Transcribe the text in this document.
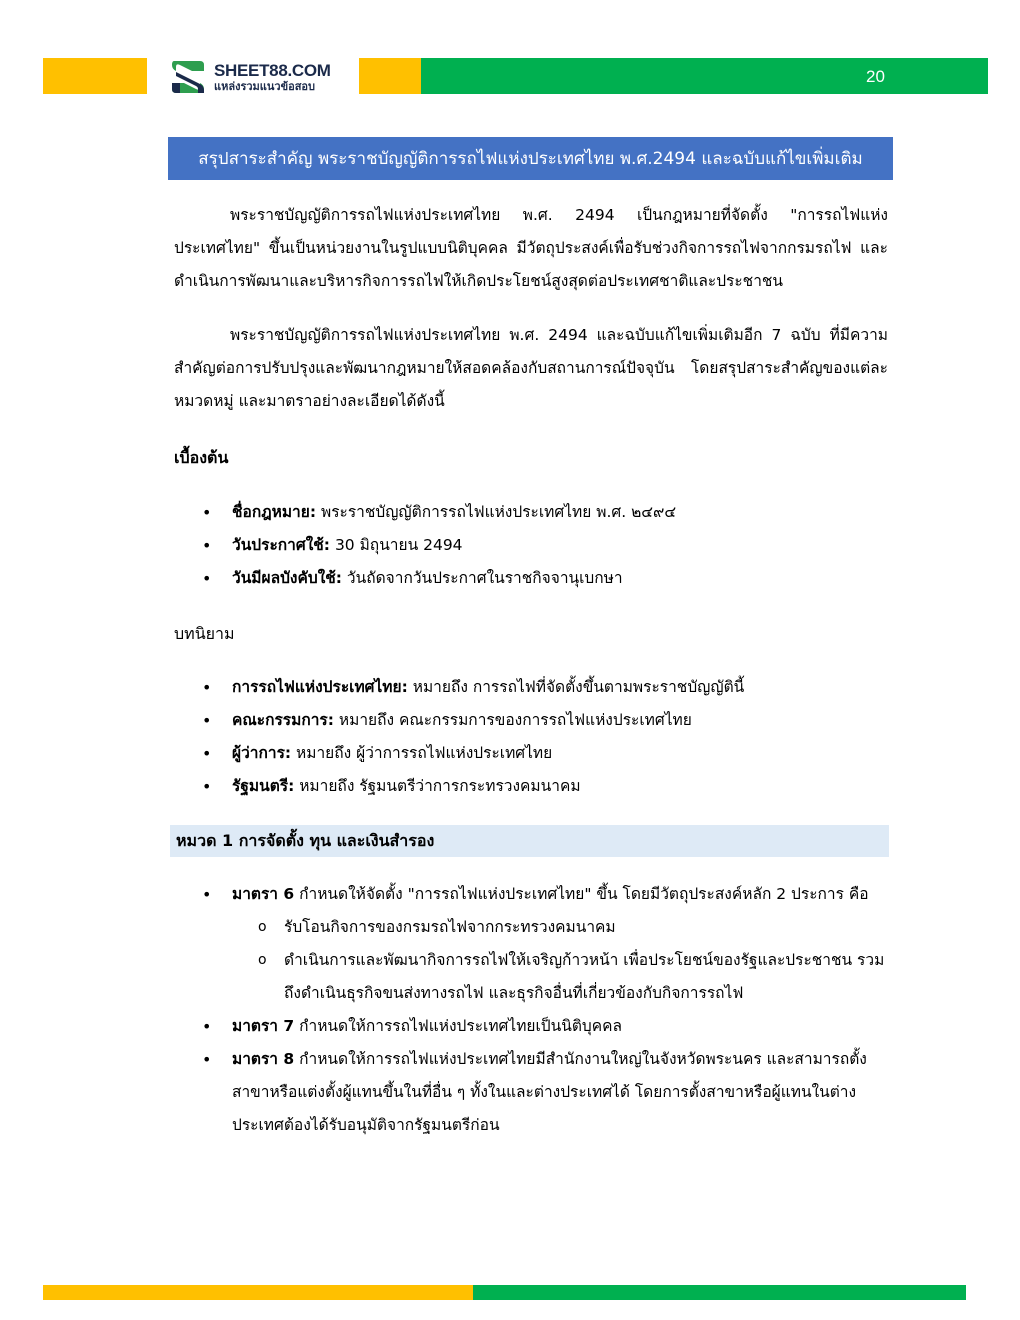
20
SHEET88.COM
แหล่งรวมแนวข้อสอบ
สรุปสาระสำคัญ พระราชบัญญัติการรถไฟแห่งประเทศไทย พ.ศ.2494 และฉบับแก้ไขเพิ่มเติม
พระราชบัญญัติการรถไฟแห่งประเทศไทย พ.ศ. 2494 เป็นกฎหมายที่จัดตั้ง "การรถไฟแห่งประเทศไทย" ขึ้นเป็นหน่วยงานในรูปแบบนิติบุคคล มีวัตถุประสงค์เพื่อรับช่วงกิจการรถไฟจากกรมรถไฟ และดำเนินการพัฒนาและบริหารกิจการรถไฟให้เกิดประโยชน์สูงสุดต่อประเทศชาติและประชาชน
พระราชบัญญัติการรถไฟแห่งประเทศไทย พ.ศ. 2494 และฉบับแก้ไขเพิ่มเติมอีก 7 ฉบับ ที่มีความสำคัญต่อการปรับปรุงและพัฒนากฎหมายให้สอดคล้องกับสถานการณ์ปัจจุบัน โดยสรุปสาระสำคัญของแต่ละหมวดหมู่ และมาตราอย่างละเอียดได้ดังนี้
เบื้องต้น
• ชื่อกฎหมาย: พระราชบัญญัติการรถไฟแห่งประเทศไทย พ.ศ. ๒๔๙๔
• วันประกาศใช้: 30 มิถุนายน 2494
• วันมีผลบังคับใช้: วันถัดจากวันประกาศในราชกิจจานุเบกษา
บทนิยาม
• การรถไฟแห่งประเทศไทย: หมายถึง การรถไฟที่จัดตั้งขึ้นตามพระราชบัญญัตินี้
• คณะกรรมการ: หมายถึง คณะกรรมการของการรถไฟแห่งประเทศไทย
• ผู้ว่าการ: หมายถึง ผู้ว่าการรถไฟแห่งประเทศไทย
• รัฐมนตรี: หมายถึง รัฐมนตรีว่าการกระทรวงคมนาคม
หมวด 1 การจัดตั้ง ทุน และเงินสำรอง
• มาตรา 6 กำหนดให้จัดตั้ง "การรถไฟแห่งประเทศไทย" ขึ้น โดยมีวัตถุประสงค์หลัก 2 ประการ คือ
o รับโอนกิจการของกรมรถไฟจากกระทรวงคมนาคม
o ดำเนินการและพัฒนากิจการรถไฟให้เจริญก้าวหน้า เพื่อประโยชน์ของรัฐและประชาชน รวมถึงดำเนินธุรกิจขนส่งทางรถไฟ และธุรกิจอื่นที่เกี่ยวข้องกับกิจการรถไฟ
• มาตรา 7 กำหนดให้การรถไฟแห่งประเทศไทยเป็นนิติบุคคล
• มาตรา 8 กำหนดให้การรถไฟแห่งประเทศไทยมีสำนักงานใหญ่ในจังหวัดพระนคร และสามารถตั้งสาขาหรือแต่งตั้งผู้แทนขึ้นในที่อื่น ๆ ทั้งในและต่างประเทศได้ โดยการตั้งสาขาหรือผู้แทนในต่างประเทศต้องได้รับอนุมัติจากรัฐมนตรีก่อน
